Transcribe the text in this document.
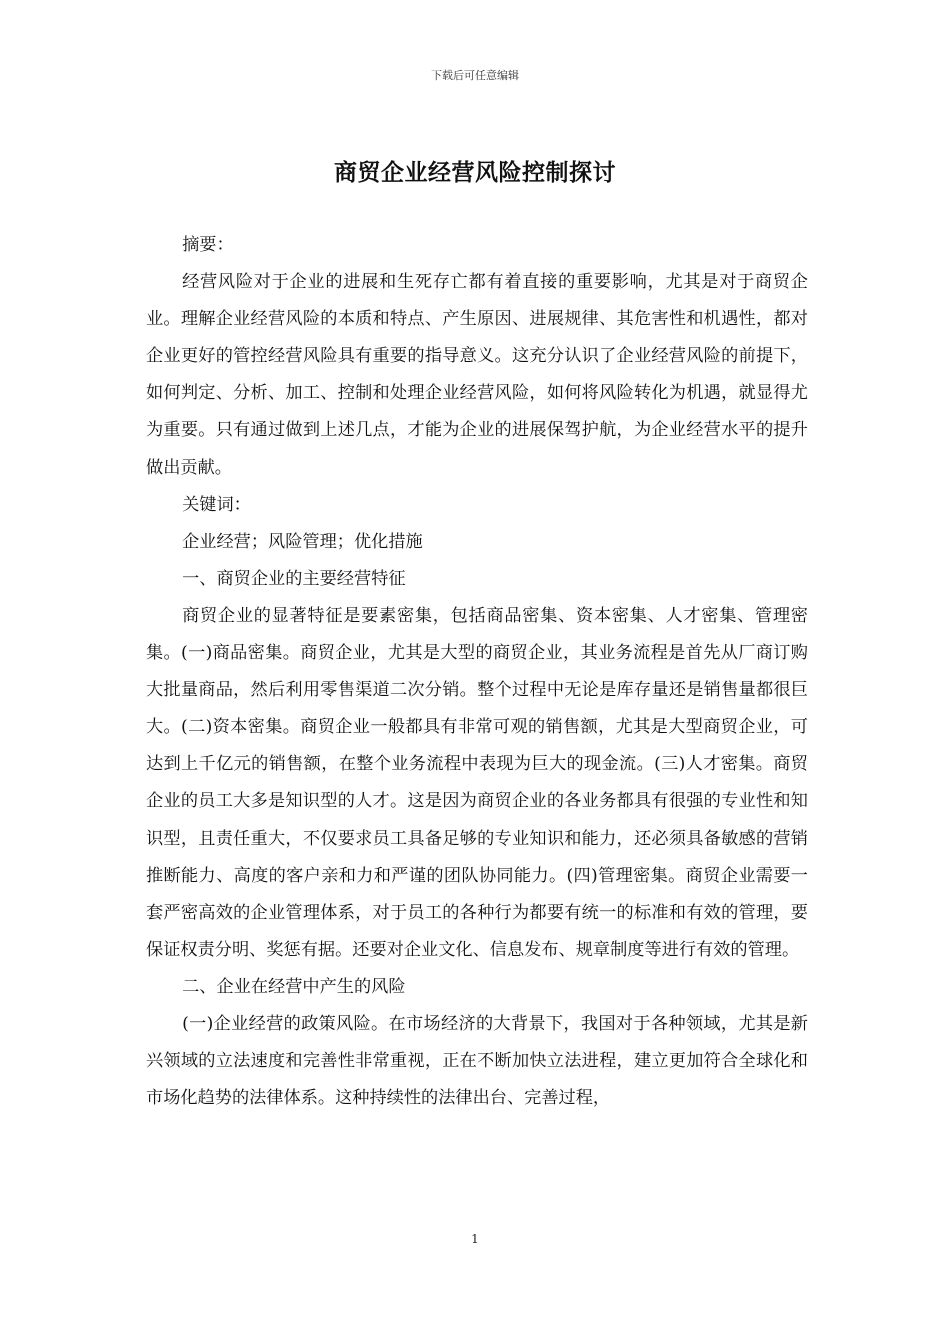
下载后可任意编辑
商贸企业经营风险控制探讨

摘要：

经营风险对于企业的进展和生死存亡都有着直接的重要影响，尤其是对于商贸企业。理解企业经营风险的本质和特点、产生原因、进展规律、其危害性和机遇性，都对企业更好的管控经营风险具有重要的指导意义。这充分认识了企业经营风险的前提下，如何判定、分析、加工、控制和处理企业经营风险，如何将风险转化为机遇，就显得尤为重要。只有通过做到上述几点，才能为企业的进展保驾护航，为企业经营水平的提升做出贡献。

关键词：

企业经营；风险管理；优化措施

一、商贸企业的主要经营特征

商贸企业的显著特征是要素密集，包括商品密集、资本密集、人才密集、管理密集。(一)商品密集。商贸企业，尤其是大型的商贸企业，其业务流程是首先从厂商订购大批量商品，然后利用零售渠道二次分销。整个过程中无论是库存量还是销售量都很巨大。(二)资本密集。商贸企业一般都具有非常可观的销售额，尤其是大型商贸企业，可达到上千亿元的销售额，在整个业务流程中表现为巨大的现金流。(三)人才密集。商贸企业的员工大多是知识型的人才。这是因为商贸企业的各业务都具有很强的专业性和知识型，且责任重大，不仅要求员工具备足够的专业知识和能力，还必须具备敏感的营销推断能力、高度的客户亲和力和严谨的团队协同能力。(四)管理密集。商贸企业需要一套严密高效的企业管理体系，对于员工的各种行为都要有统一的标准和有效的管理，要保证权责分明、奖惩有据。还要对企业文化、信息发布、规章制度等进行有效的管理。

二、企业在经营中产生的风险

(一)企业经营的政策风险。在市场经济的大背景下，我国对于各种领域，尤其是新兴领域的立法速度和完善性非常重视，正在不断加快立法进程，建立更加符合全球化和市场化趋势的法律体系。这种持续性的法律出台、完善过程，

1
